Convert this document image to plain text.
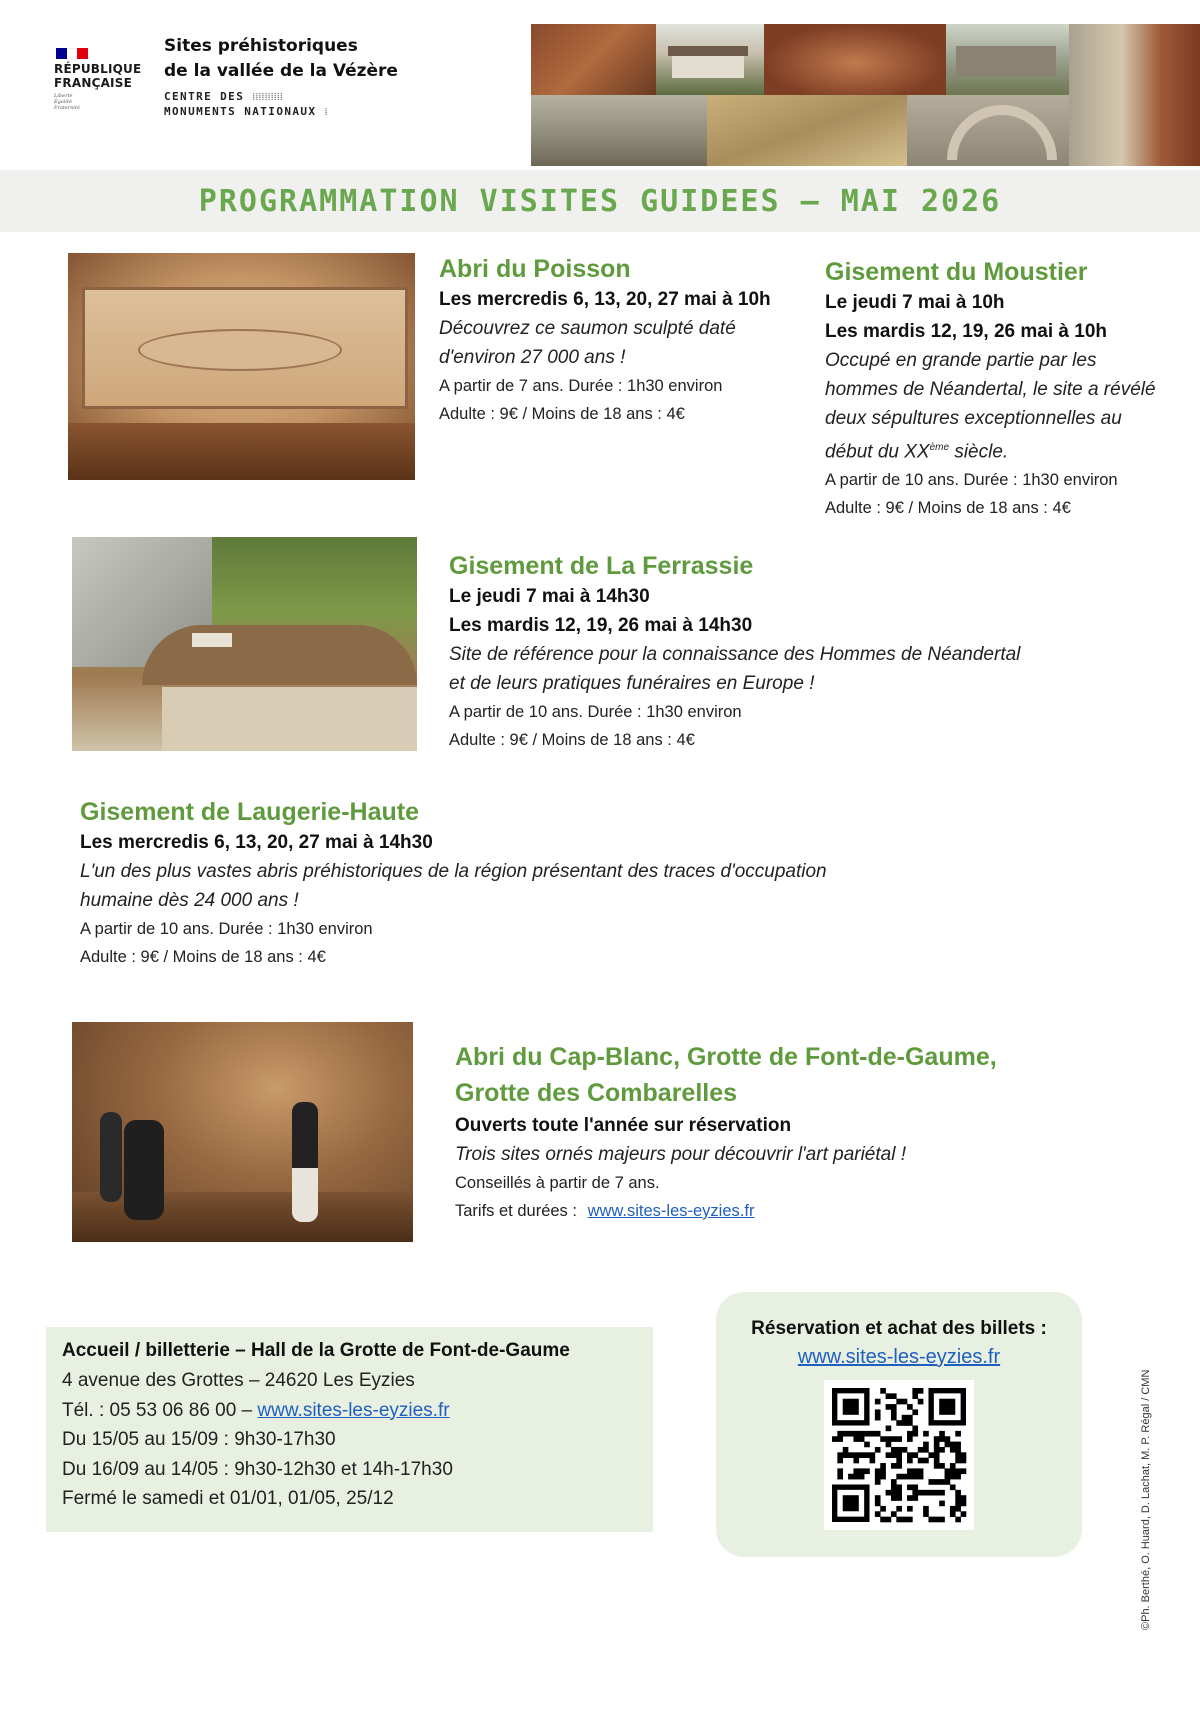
RÉPUBLIQUE
FRANÇAISE
Liberté
Égalité
Fraternité
Sites préhistoriques
de la vallée de la Vézère
CENTRE DES ⁞⁞⁞⁞⁞⁞⁞⁞⁞⁞
MONUMENTS NATIONAUX ⁞
PROGRAMMATION VISITES GUIDEES – MAI 2026
Abri du Poisson
Les mercredis 6, 13, 20, 27 mai à 10h
Découvrez ce saumon sculpté daté
d'environ 27 000 ans !
A partir de 7 ans. Durée : 1h30 environ
Adulte : 9€ / Moins de 18 ans : 4€
Gisement du Moustier
Le jeudi 7 mai à 10h
Les mardis 12, 19, 26 mai à 10h
Occupé en grande partie par les
hommes de Néandertal, le site a révélé
deux sépultures exceptionnelles au
début du XXème siècle.
A partir de 10 ans. Durée : 1h30 environ
Adulte : 9€ / Moins de 18 ans : 4€
Gisement de La Ferrassie
Le jeudi 7 mai à 14h30
Les mardis 12, 19, 26 mai à 14h30
Site de référence pour la connaissance des Hommes de Néandertal
et de leurs pratiques funéraires en Europe !
A partir de 10 ans. Durée : 1h30 environ
Adulte : 9€ / Moins de 18 ans : 4€
Gisement de Laugerie-Haute
Les mercredis 6, 13, 20, 27 mai à 14h30
L'un des plus vastes abris préhistoriques de la région présentant des traces d'occupation
humaine dès 24 000 ans !
A partir de 10 ans. Durée : 1h30 environ
Adulte : 9€ / Moins de 18 ans : 4€
Abri du Cap-Blanc, Grotte de Font-de-Gaume,
Grotte des Combarelles
Ouverts toute l'année sur réservation
Trois sites ornés majeurs pour découvrir l'art pariétal !
Conseillés à partir de 7 ans.
Tarifs et durées : www.sites-les-eyzies.fr
Accueil / billetterie – Hall de la Grotte de Font-de-Gaume
4 avenue des Grottes – 24620 Les Eyzies
Tél. : 05 53 06 86 00 – www.sites-les-eyzies.fr
Du 15/05 au 15/09 : 9h30-17h30
Du 16/09 au 14/05 : 9h30-12h30 et 14h-17h30
Fermé le samedi et 01/01, 01/05, 25/12
Réservation et achat des billets :
www.sites-les-eyzies.fr
©Ph. Berthé, O. Huard, D. Lachat, M. P. Régal / CMN
